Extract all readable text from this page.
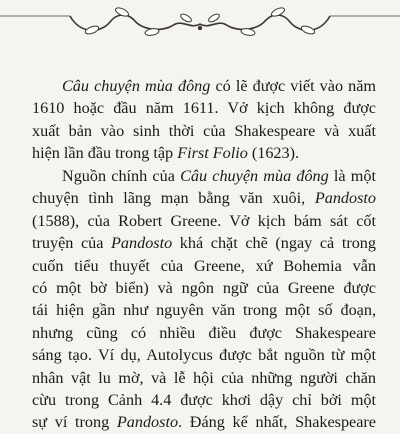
Câu chuyện mùa đông có lẽ được viết vào năm
1610 hoặc đầu năm 1611. Vở kịch không được
xuất bản vào sinh thời của Shakespeare và xuất
hiện lần đầu trong tập First Folio (1623).

Nguồn chính của Câu chuyện mùa đông là một
chuyện tình lãng mạn bằng văn xuôi, Pandosto
(1588), của Robert Greene. Vở kịch bám sát cốt
truyện của Pandosto khá chặt chẽ (ngay cả trong
cuốn tiểu thuyết của Greene, xứ Bohemia vẫn
có một bờ biển) và ngôn ngữ của Greene được
tái hiện gần như nguyên văn trong một số đoạn,
nhưng cũng có nhiều điều được Shakespeare
sáng tạo. Ví dụ, Autolycus được bắt nguồn từ một
nhân vật lu mờ, và lễ hội của những người chăn
cừu trong Cảnh 4.4 được khơi dậy chỉ bởi một
sự ví trong Pandosto. Đáng kể nhất, Shakespeare
